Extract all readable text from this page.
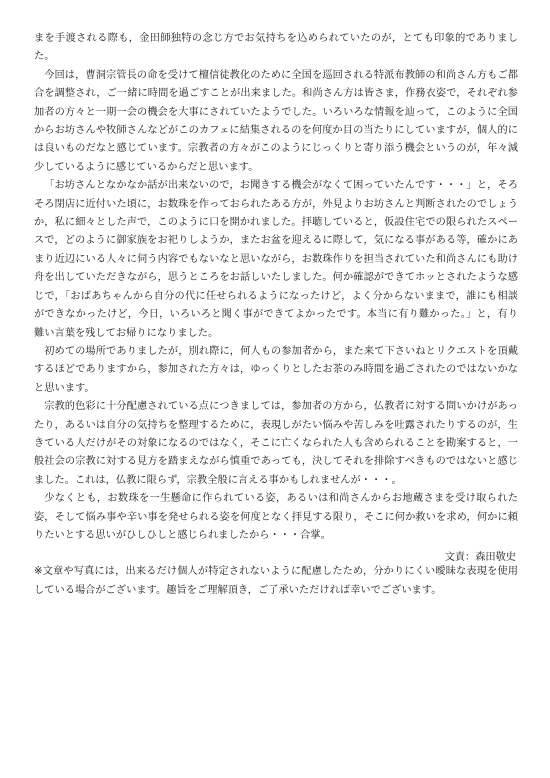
まを手渡される際も，金田師独特の念じ方でお気持ちを込められていたのが，とても印象的でありました。

今回は，曹洞宗管長の命を受けて檀信徒教化のために全国を巡回される特派布教師の和尚さん方もご都合を調整され，ご一緒に時間を過ごすことが出来ました。和尚さん方は皆さま，作務衣姿で，それぞれ参加者の方々と一期一会の機会を大事にされていたようでした。いろいろな情報を辿って，このように全国からお坊さんや牧師さんなどがこのカフェに結集されるのを何度か目の当たりにしていますが，個人的には良いものだなと感じています。宗教者の方々がこのようにじっくりと寄り添う機会というのが，年々減少しているように感じているからだと思います。

「お坊さんとなかなか話が出来ないので，お聞きする機会がなくて困っていたんです・・・」と，そろそろ閉店に近付いた頃に，お数珠を作っておられたある方が，外見よりお坊さんと判断されたのでしょうか，私に細々とした声で，このように口を開かれました。拝聴していると，仮設住宅での限られたスペースで，どのように御家族をお祀りしようか，またお盆を迎えるに際して，気になる事がある等，確かにあまり近辺にいる人々に伺う内容でもないなと思いながら，お数珠作りを担当されていた和尚さんにも助け舟を出していただきながら，思うところをお話しいたしました。何か確認ができてホッとされたような感じで，「おばあちゃんから自分の代に任せられるようになったけど，よく分からないままで，誰にも相談ができなかったけど，今日，いろいろと聞く事ができてよかったです。本当に有り難かった。」と，有り難い言葉を残してお帰りになりました。

初めての場所でありましたが，別れ際に，何人もの参加者から，また来て下さいねとリクエストを頂戴するほどでありますから，参加された方々は，ゆっくりとしたお茶のみ時間を過ごされたのではないかなと思います。

宗教的色彩に十分配慮されている点につきましては，参加者の方から，仏教者に対する問いかけがあったり，あるいは自分の気持ちを整理するために，表現しがたい悩みや苦しみを吐露されたりするのが，生きている人だけがその対象になるのではなく，そこに亡くなられた人も含められることを勘案すると，一般社会の宗教に対する見方を踏まえながら慎重であっても，決してそれを排除すべきものではないと感じました。これは，仏教に限らず，宗教全般に言える事かもしれませんが・・・。

少なくとも，お数珠を一生懸命に作られている姿，あるいは和尚さんからお地蔵さまを受け取られた姿，そして悩み事や辛い事を発せられる姿を何度となく拝見する限り，そこに何か救いを求め，何かに頼りたいとする思いがひしひしと感じられましたから・・・合掌。

※文章や写真には，出来るだけ個人が特定されないように配慮したため，分かりにくい曖昧な表現を使用している場合がございます。趣旨をご理解頂き，ご了承いただければ幸いでございます。

文責：森田敬史
